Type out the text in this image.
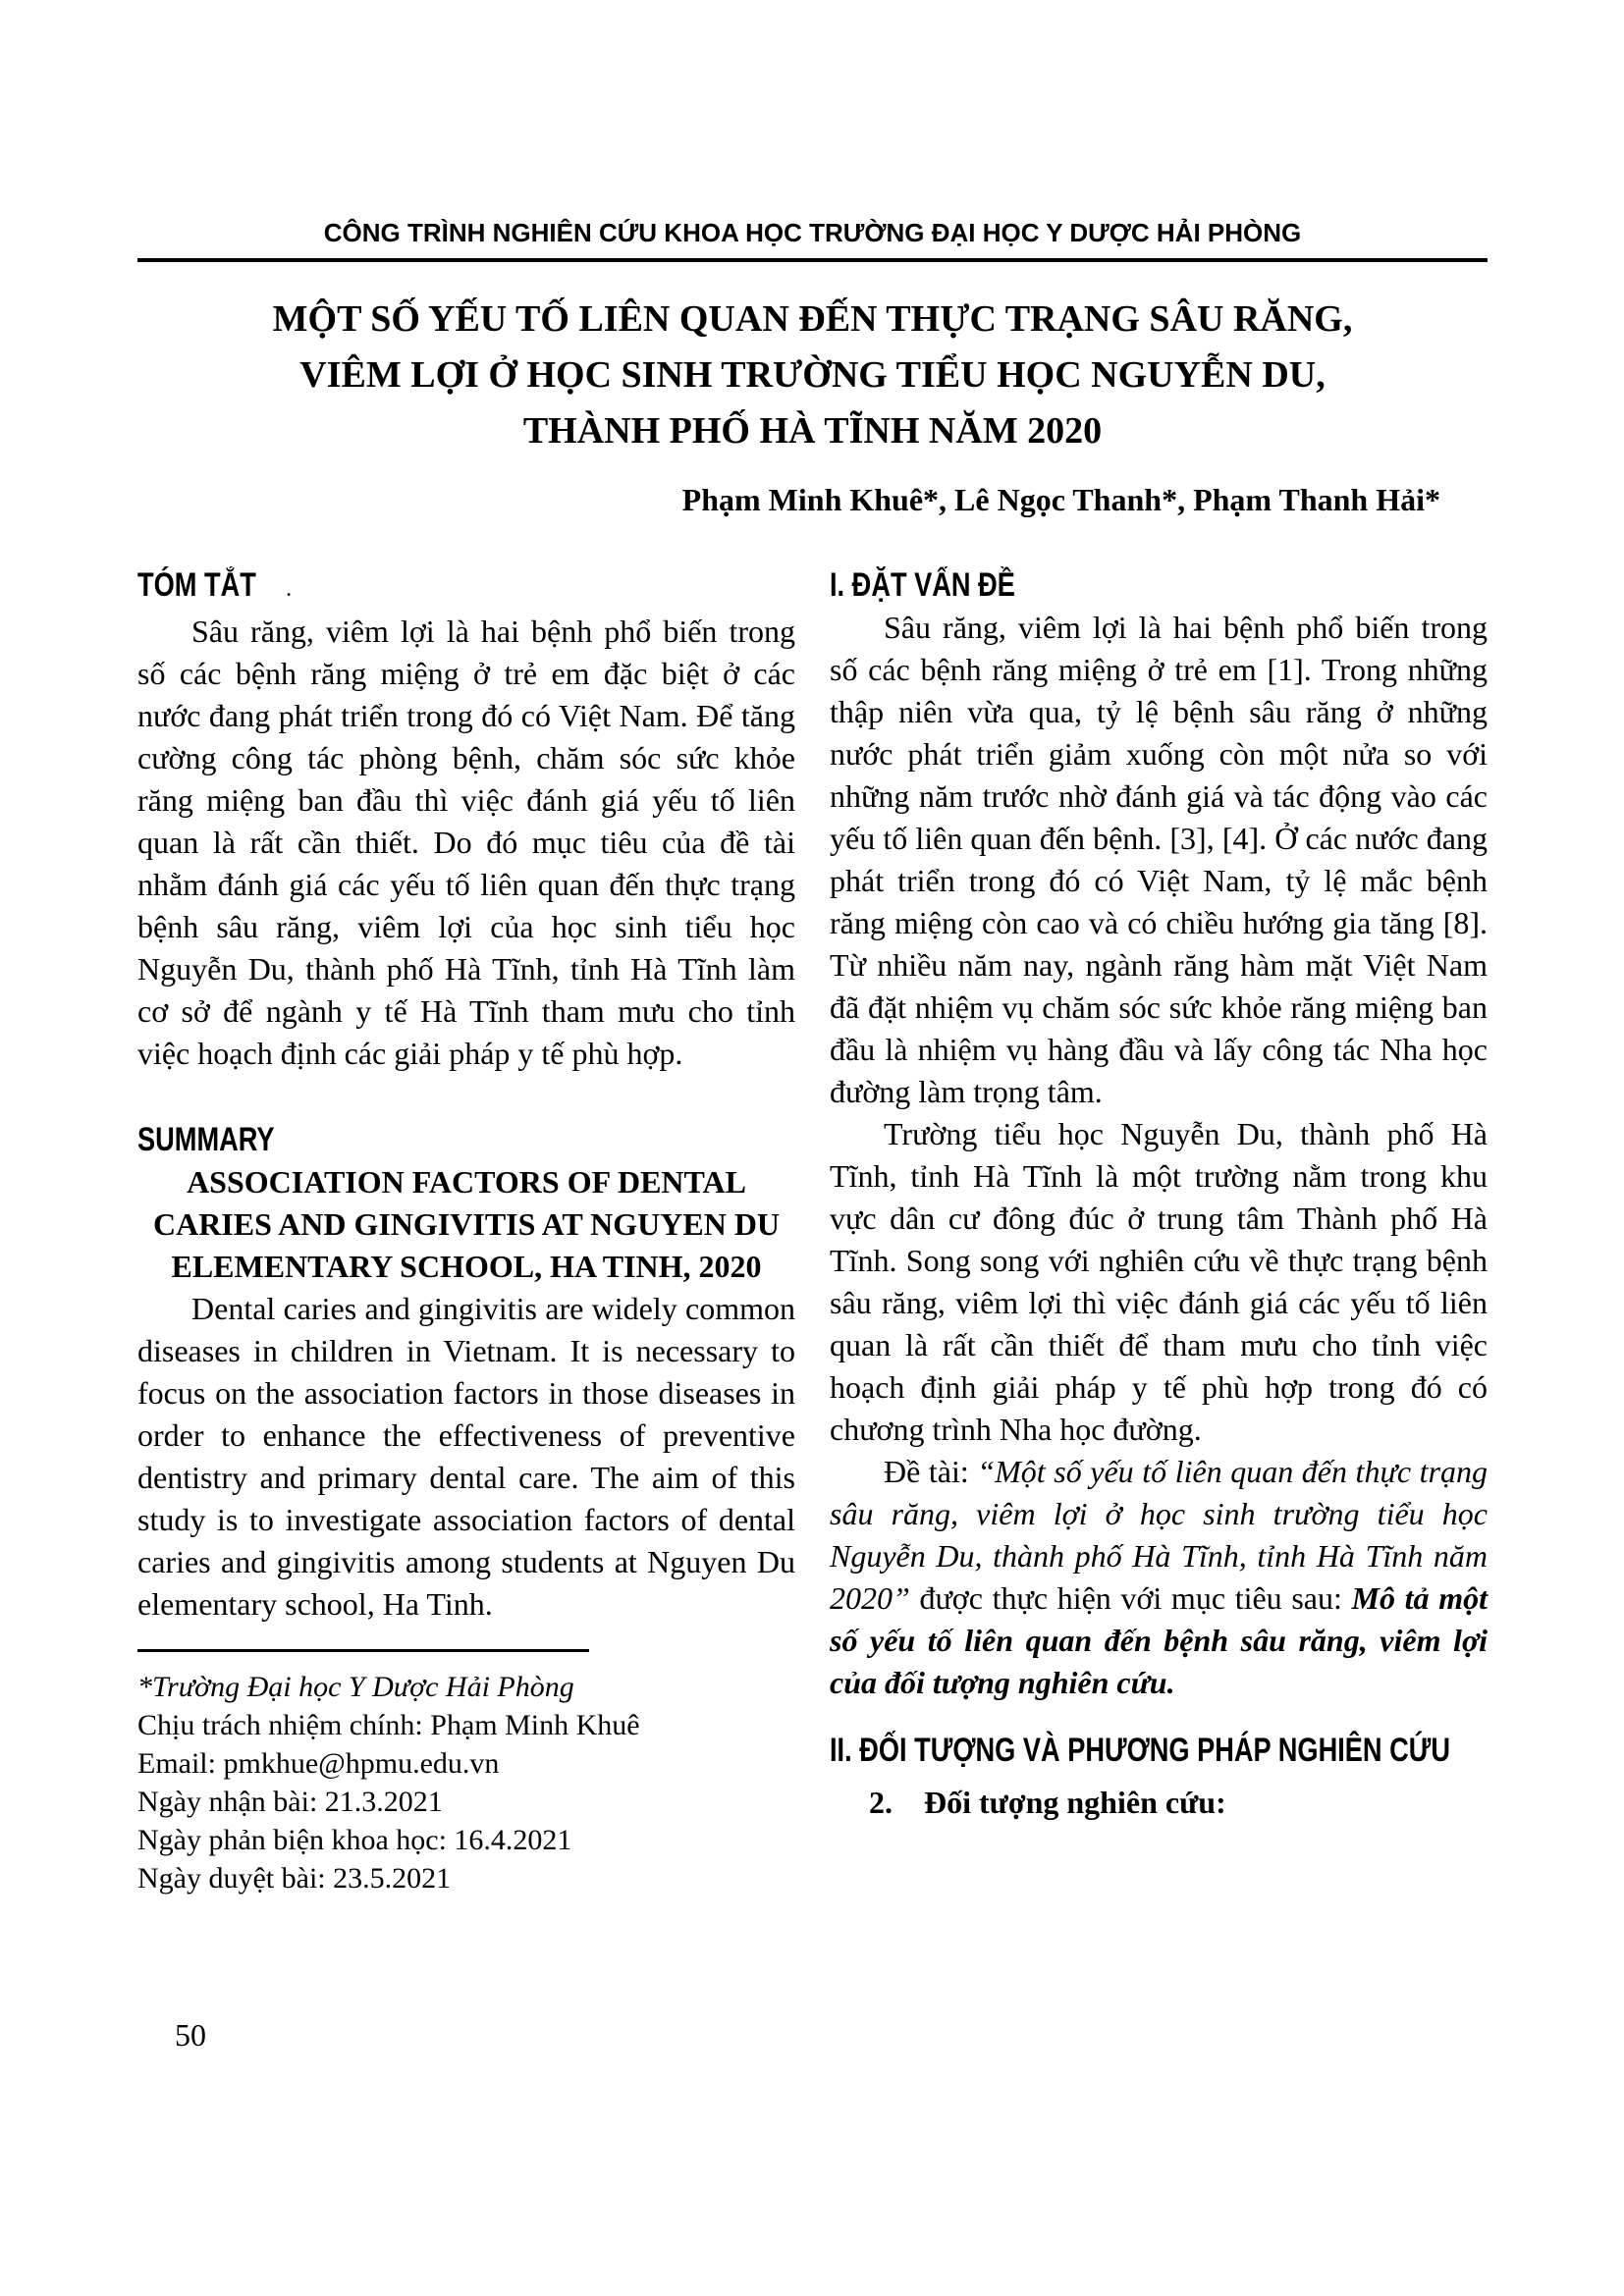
CÔNG TRÌNH NGHIÊN CỨU KHOA HỌC TRƯỜNG ĐẠI HỌC Y DƯỢC HẢI PHÒNG
MỘT SỐ YẾU TỐ LIÊN QUAN ĐẾN THỰC TRẠNG SÂU RĂNG,
VIÊM LỢI Ở HỌC SINH TRƯỜNG TIỂU HỌC NGUYỄN DU,
THÀNH PHỐ HÀ TĨNH NĂM 2020
Phạm Minh Khuê*, Lê Ngọc Thanh*, Phạm Thanh Hải*
TÓM TẮT .

Sâu răng, viêm lợi là hai bệnh phổ biến trong số các bệnh răng miệng ở trẻ em đặc biệt ở các nước đang phát triển trong đó có Việt Nam. Để tăng cường công tác phòng bệnh, chăm sóc sức khỏe răng miệng ban đầu thì việc đánh giá yếu tố liên quan là rất cần thiết. Do đó mục tiêu của đề tài nhằm đánh giá các yếu tố liên quan đến thực trạng bệnh sâu răng, viêm lợi của học sinh tiểu học Nguyễn Du, thành phố Hà Tĩnh, tỉnh Hà Tĩnh làm cơ sở để ngành y tế Hà Tĩnh tham mưu cho tỉnh việc hoạch định các giải pháp y tế phù hợp.

SUMMARY

ASSOCIATION FACTORS OF DENTAL CARIES AND GINGIVITIS AT NGUYEN DU ELEMENTARY SCHOOL, HA TINH, 2020

Dental caries and gingivitis are widely common diseases in children in Vietnam. It is necessary to focus on the association factors in those diseases in order to enhance the effectiveness of preventive dentistry and primary dental care. The aim of this study is to investigate association factors of dental caries and gingivitis among students at Nguyen Du elementary school, Ha Tinh.

*Trường Đại học Y Dược Hải Phòng

Chịu trách nhiệm chính: Phạm Minh Khuê

Email: pmkhue@hpmu.edu.vn

Ngày nhận bài: 21.3.2021

Ngày phản biện khoa học: 16.4.2021

Ngày duyệt bài: 23.5.2021

I. ĐẶT VẤN ĐỀ

Sâu răng, viêm lợi là hai bệnh phổ biến trong số các bệnh răng miệng ở trẻ em [1]. Trong những thập niên vừa qua, tỷ lệ bệnh sâu răng ở những nước phát triển giảm xuống còn một nửa so với những năm trước nhờ đánh giá và tác động vào các yếu tố liên quan đến bệnh. [3], [4]. Ở các nước đang phát triển trong đó có Việt Nam, tỷ lệ mắc bệnh răng miệng còn cao và có chiều hướng gia tăng [8]. Từ nhiều năm nay, ngành răng hàm mặt Việt Nam đã đặt nhiệm vụ chăm sóc sức khỏe răng miệng ban đầu là nhiệm vụ hàng đầu và lấy công tác Nha học đường làm trọng tâm.

Trường tiểu học Nguyễn Du, thành phố Hà Tĩnh, tỉnh Hà Tĩnh là một trường nằm trong khu vực dân cư đông đúc ở trung tâm Thành phố Hà Tĩnh. Song song với nghiên cứu về thực trạng bệnh sâu răng, viêm lợi thì việc đánh giá các yếu tố liên quan là rất cần thiết để tham mưu cho tỉnh việc hoạch định giải pháp y tế phù hợp trong đó có chương trình Nha học đường.

Đề tài: “Một số yếu tố liên quan đến thực trạng sâu răng, viêm lợi ở học sinh trường tiểu học Nguyễn Du, thành phố Hà Tĩnh, tỉnh Hà Tĩnh năm 2020” được thực hiện với mục tiêu sau: Mô tả một số yếu tố liên quan đến bệnh sâu răng, viêm lợi của đối tượng nghiên cứu.

II. ĐỐI TƯỢNG VÀ PHƯƠNG PHÁP NGHIÊN CỨU

2. Đối tượng nghiên cứu:

50
